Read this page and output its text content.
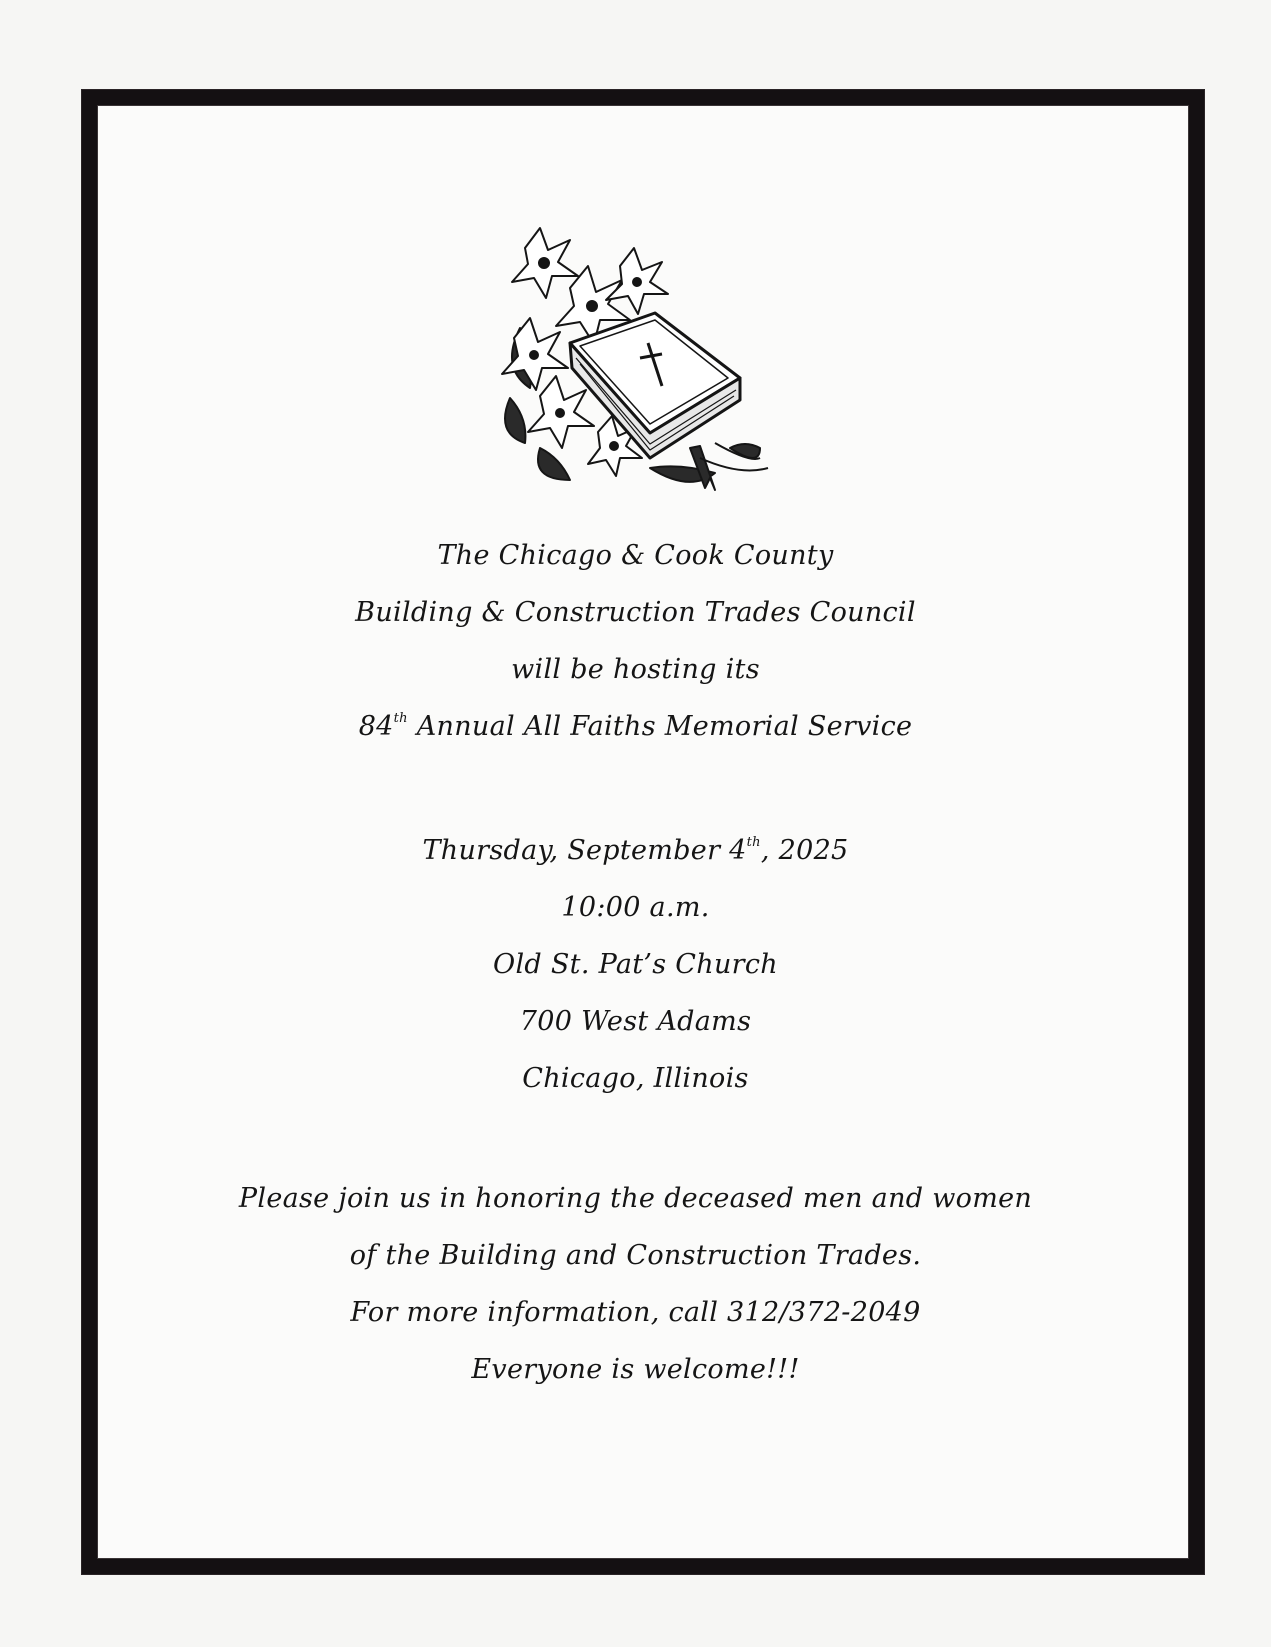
The Chicago & Cook County
Building & Construction Trades Council
will be hosting its
84th Annual All Faiths Memorial Service
Thursday, September 4th, 2025
10:00 a.m.
Old St. Pat’s Church
700 West Adams
Chicago, Illinois
Please join us in honoring the deceased men and women
of the Building and Construction Trades.
For more information, call 312/372-2049
Everyone is welcome!!!
